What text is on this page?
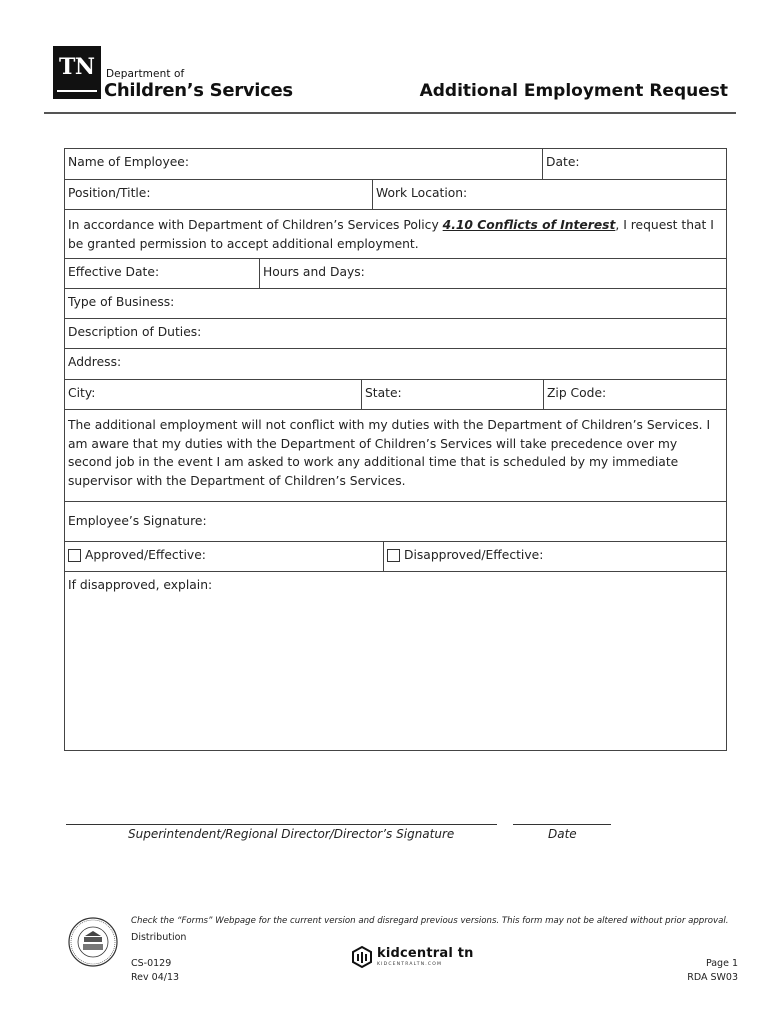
TN Department of
Children’s Services	Additional Employment Request
Name of Employee:	Date:
Position/Title:	Work Location:
In accordance with Department of Children’s Services Policy 4.10 Conflicts of Interest, I request that I be granted permission to accept additional employment.
Effective Date:	Hours and Days:
Type of Business:
Description of Duties:
Address:
City:	State:	Zip Code:
The additional employment will not conflict with my duties with the Department of Children’s Services. I am aware that my duties with the Department of Children’s Services will take precedence over my second job in the event I am asked to work any additional time that is scheduled by my immediate supervisor with the Department of Children’s Services.
Employee’s Signature:
Approved/Effective:	Disapproved/Effective:
If disapproved, explain:
Superintendent/Regional Director/Director’s Signature	Date
Check the “Forms” Webpage for the current version and disregard previous versions. This form may not be altered without prior approval.
Distribution
CS-0129
Rev 04/13
kidcentral tn
KIDCENTRALTN.COM	Page 1
RDA SW03
